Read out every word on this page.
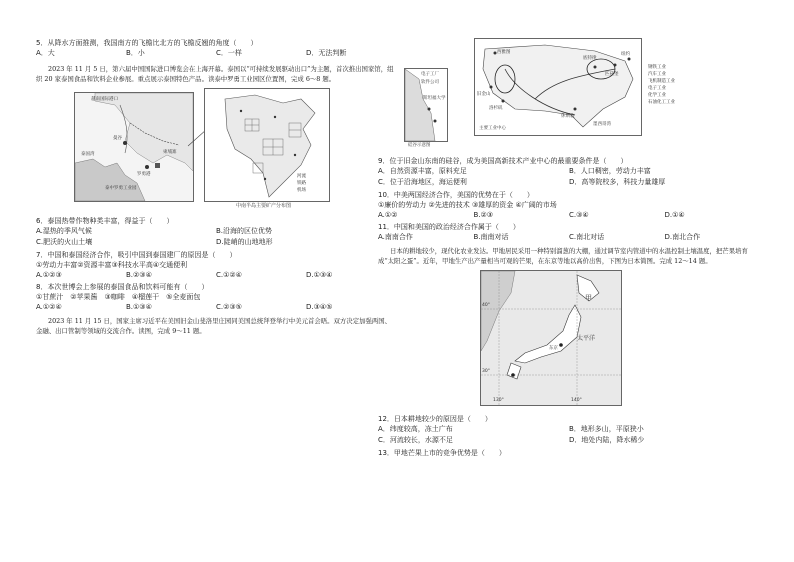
5．从降水方面推测，我国南方的飞檐比北方的飞檐反翘的角度（　　）

A．大	B．小	C．一样	D．无法判断

2023 年 11 月 5 日，第六届中国国际进口博览会在上海开幕。泰国以“可持续发展驱动出口”为主题，首次推出国家馆，组织 20 家泰国食品和饮料企业参展。重点展示泰国特色产品。读泰中罗勇工业园区位置图，完成 6～8 题。

越南国际港口
曼谷
罗勇港
泰国湾
泰中罗勇工业园
柬埔寨
河流
铁路
机场
中南半岛主要矿产分布图

6．泰国热带作物种类丰富，得益于（　　）

A.湿热的季风气候	B.沿海的区位优势
C.肥沃的火山土壤	D.陡峭的山地地形

7．中国和泰国经济合作，吸引中国到泰国建厂的原因是（　　）

①劳动力丰富②资源丰富③科技水平高④交通便利

A.①②③	B.②③④	C.①②④	D.①③④

8．本次世博会上参展的泰国食品和饮料可能有（　　）

①甘蔗汁　②苹果酱　③咖啡　④榴莲干　⑤全麦面包

A.①②④	B.①③④	C.②③⑤	D.③④⑤

2023 年 11 月 15 日，国家主席习近平在美国旧金山斐洛里庄园同美国总统拜登举行中美元首会晤。双方决定加强两国、金融、出口管制等领域的交流合作。读图，完成 9～11 题。

电子工厂
软件公司
斯坦福大学
硅谷示意图
西雅图
旧金山
洛杉矶
休斯敦
底特律
匹兹堡
纽约
墨西哥湾
主要工业中心
钢铁工业
汽车工业
飞机制造工业
电子工业
化学工业
石油化工工业

9．位于旧金山东南的硅谷，成为美国高新技术产业中心的最重要条件是（　　）

A．自然资源丰富，原料充足	B．人口稠密，劳动力丰富
C．位于沿海地区，海运便利	D．高等院校多，科技力量雄厚

10．中美两国经济合作，美国的优势在于（　　）

①廉价的劳动力 ②先进的技术 ③雄厚的资金 ④广阔的市场

A.①②	B.②③	C.③④	D.①④

11．中国和美国的政治经济合作属于（　　）

A.南南合作	B.南南对话	C.南北对话	D.南北合作

日本的耕地较少，现代化农业发达。甲地居民采用一种特别溜葱的大棚，通过调节室内管道中的水温控制土壤温度，把芒果培育成“太阳之蛋”。近年，甲地生产出产量相当可观的芒果，在东京等地以高价出售，下图为日本简图。完成 12～14 题。

甲
东京
太平洋
40°
30°
130°	140°

12．日本耕地较少的原因是（　　）

A．纬度较高，冻土广布	B．地形多山，平原狭小
C．河流较长，水源不足	D．地处内陆，降水稀少

13．甲地芒果上市的竞争优势是（　　）
